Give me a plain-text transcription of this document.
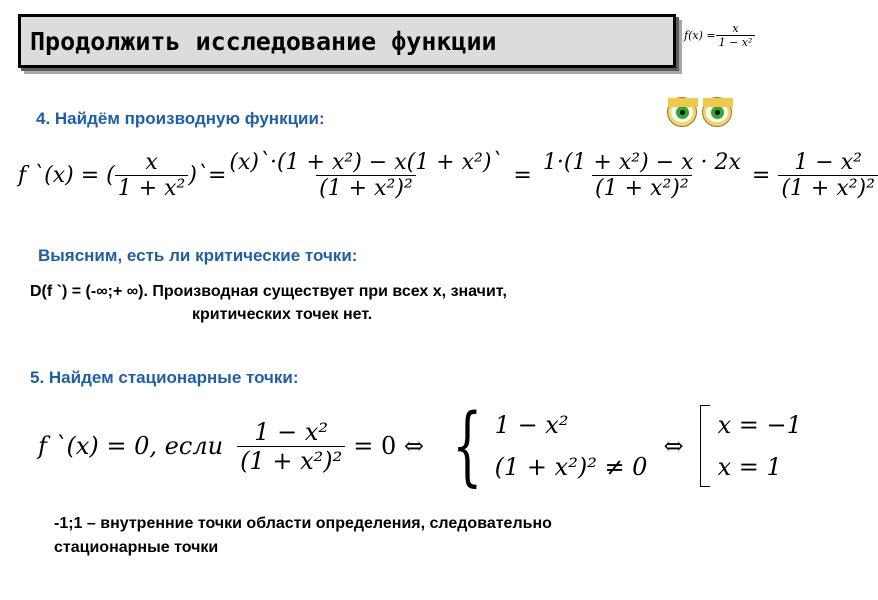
Продолжить исследование функции	$f(x) = \frac{x}{\text{1 − x²}}$
4. Найдём производную функции:
f `(x) = ( $\frac{x}{\text{1 + x²}}$ )`= $\frac{\text{(x)`·(1 + x²) − x(1 + x²)`}}{\text{(1 + x²)²}} = \frac{\text{1·(1 + x²) − x · 2x}}{\text{(1 + x²)²}} = \frac{\text{1 − x²}}{\text{(1 + x²)²}}$
Выясним, есть ли критические точки:
D(f `) = (-∞;+ ∞). Производная существует при всех х, значит,
критических точек нет.
5. Найдем стационарные точки:
f `(x) = 0, если $\frac{\text{1 − x²}}{\text{(1 + x²)²}} = 0$ ⇔ { 1 − x²
(1 + x²)² ≠ 0
⇔
x = −1
x = 1
-1;1 – внутренние точки области определения, следовательно
стационарные точки
